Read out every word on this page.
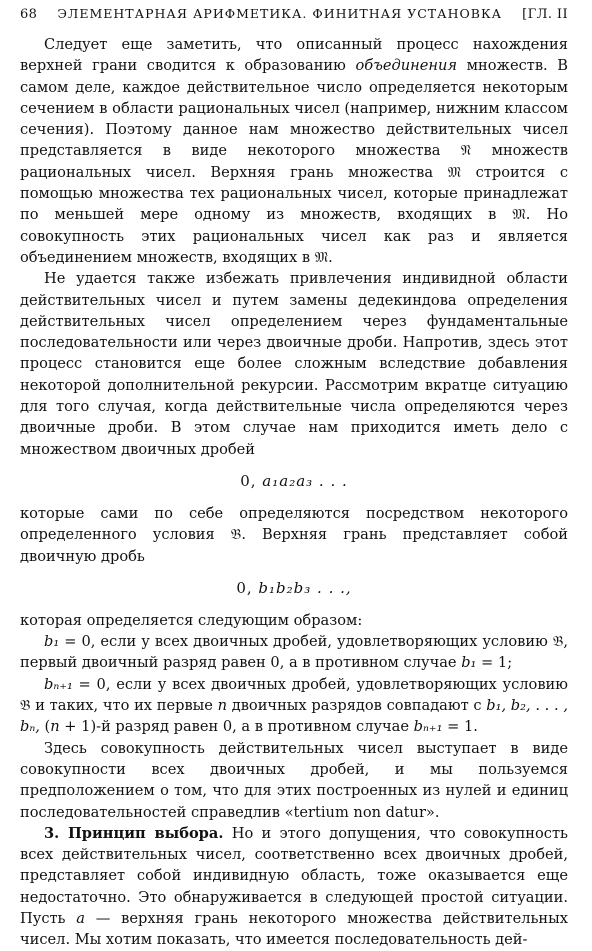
68	ЭЛЕМЕНТАРНАЯ АРИФМЕТИКА. ФИНИТНАЯ УСТАНОВКА	[ГЛ. II

Следует еще заметить, что описанный процесс нахождения верхней грани сводится к образованию объединения множеств. В самом деле, каждое действительное число определяется некоторым сечением в области рациональных чисел (например, нижним классом сечения). Поэтому данное нам множество действительных чисел представляется в виде некоторого множества 𝔑 множеств рациональных чисел. Верхняя грань множества 𝔐 строится с помощью множества тех рациональных чисел, которые принадлежат по меньшей мере одному из множеств, входящих в 𝔐. Но совокупность этих рациональных чисел как раз и является объединением множеств, входящих в 𝔐.

Не удается также избежать привлечения индивидной области действительных чисел и путем замены дедекиндова определения действительных чисел определением через фундаментальные последовательности или через двоичные дроби. Напротив, здесь этот процесс становится еще более сложным вследствие добавления некоторой дополнительной рекурсии. Рассмотрим вкратце ситуацию для того случая, когда действительные числа определяются через двоичные дроби. В этом случае нам приходится иметь дело с множеством двоичных дробей

0, a₁a₂a₃ . . .

которые сами по себе определяются посредством некоторого определенного условия 𝔅. Верхняя грань представляет собой двоичную дробь

0, b₁b₂b₃ . . .,

которая определяется следующим образом:

b₁ = 0, если у всех двоичных дробей, удовлетворяющих условию 𝔅, первый двоичный разряд равен 0, а в противном случае b₁ = 1;

bₙ₊₁ = 0, если у всех двоичных дробей, удовлетворяющих условию 𝔅 и таких, что их первые n двоичных разрядов совпадают с b₁, b₂, . . . , bₙ, (n + 1)-й разряд равен 0, а в противном случае bₙ₊₁ = 1.

Здесь совокупность действительных чисел выступает в виде совокупности всех двоичных дробей, и мы пользуемся предположением о том, что для этих построенных из нулей и единиц последовательностей справедлив «tertium non datur».

3. Принцип выбора. Но и этого допущения, что совокупность всех действительных чисел, соответственно всех двоичных дробей, представляет собой индивидную область, тоже оказывается еще недостаточно. Это обнаруживается в следующей простой ситуации. Пусть a — верхняя грань некоторого множества действительных чисел. Мы хотим показать, что имеется последовательность дей-
